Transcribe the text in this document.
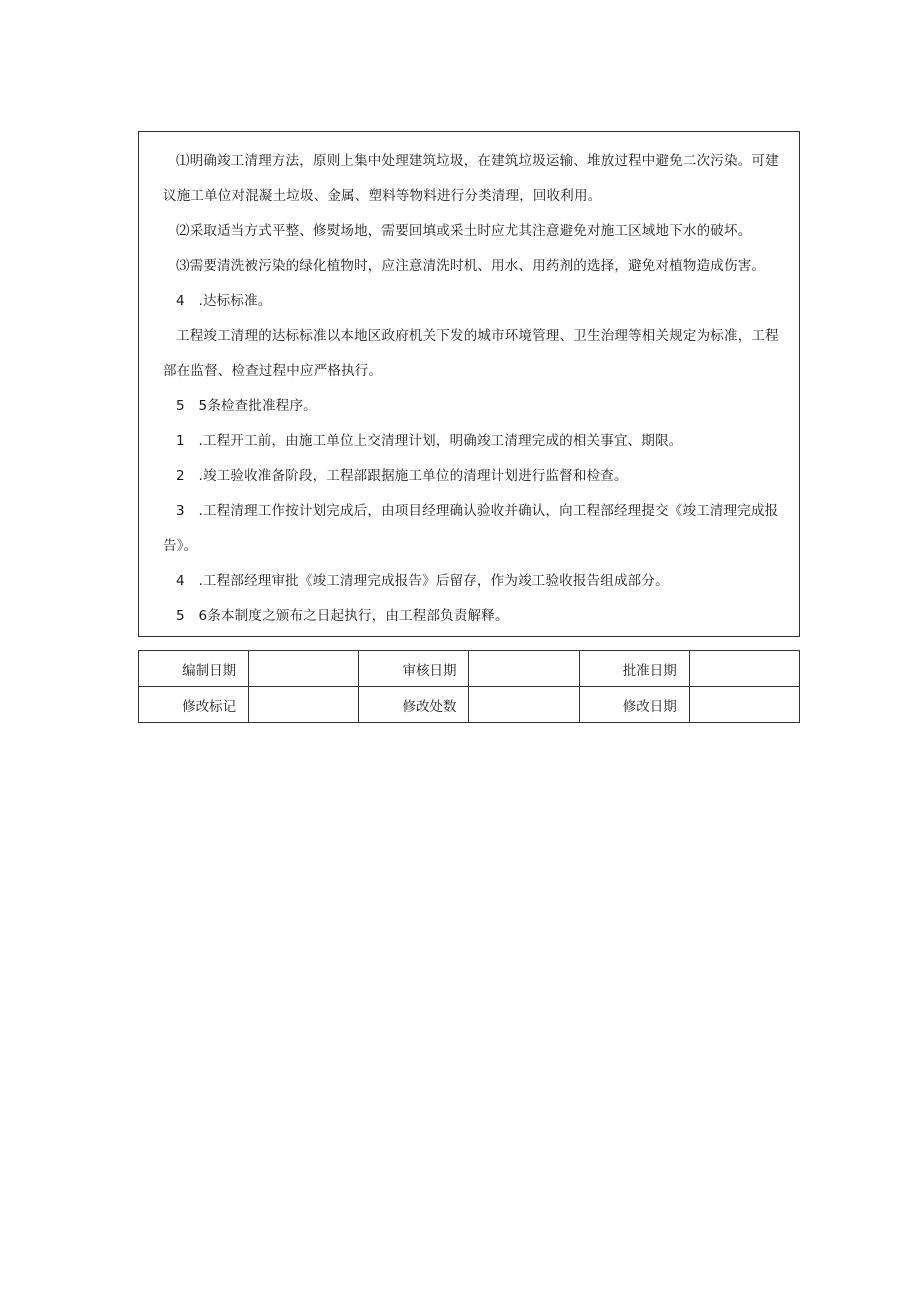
⑴明确竣工清理方法，原则上集中处理建筑垃圾，在建筑垃圾运输、堆放过程中避免二次污染。可建议施工单位对混凝土垃圾、金属、塑料等物料进行分类清理，回收利用。

⑵采取适当方式平整、修熨场地，需要回填或采土时应尤其注意避免对施工区域地下水的破坏。

⑶需要清洗被污染的绿化植物时，应注意清洗时机、用水、用药剂的选择，避免对植物造成伤害。

4　.达标标准。

工程竣工清理的达标标准以本地区政府机关下发的城市环境管理、卫生治理等相关规定为标准，工程部在监督、检查过程中应严格执行。

5　5条检查批准程序。

1　.工程开工前，由施工单位上交清理计划，明确竣工清理完成的相关事宜、期限。

2　.竣工验收准备阶段，工程部跟据施工单位的清理计划进行监督和检查。

3　.工程清理工作按计划完成后，由项目经理确认验收并确认，向工程部经理提交《竣工清理完成报告》。

4　.工程部经理审批《竣工清理完成报告》后留存，作为竣工验收报告组成部分。

5　6条本制度之颁布之日起执行，由工程部负责解释。

编制日期		审核日期		批准日期	
修改标记		修改处数		修改日期	
